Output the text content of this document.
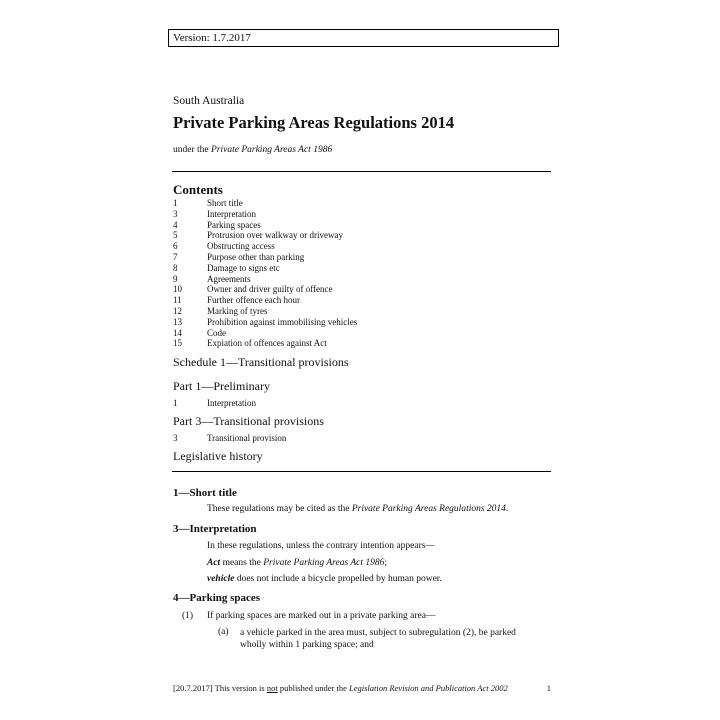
Version: 1.7.2017
South Australia
Private Parking Areas Regulations 2014
under the Private Parking Areas Act 1986
Contents
1	Short title
3	Interpretation
4	Parking spaces
5	Protrusion over walkway or driveway
6	Obstructing access
7	Purpose other than parking
8	Damage to signs etc
9	Agreements
10	Owner and driver guilty of offence
11	Further offence each hour
12	Marking of tyres
13	Prohibition against immobilising vehicles
14	Code
15	Expiation of offences against Act
Schedule 1—Transitional provisions
Part 1—Preliminary
1	Interpretation
Part 3—Transitional provisions
3	Transitional provision
Legislative history
1—Short title
These regulations may be cited as the Private Parking Areas Regulations 2014.
3—Interpretation
In these regulations, unless the contrary intention appears—
Act means the Private Parking Areas Act 1986;
vehicle does not include a bicycle propelled by human power.
4—Parking spaces
(1)	If parking spaces are marked out in a private parking area—
(a)	a vehicle parked in the area must, subject to subregulation (2), be parked wholly within 1 parking space; and
[20.7.2017] This version is not published under the Legislation Revision and Publication Act 2002	1
